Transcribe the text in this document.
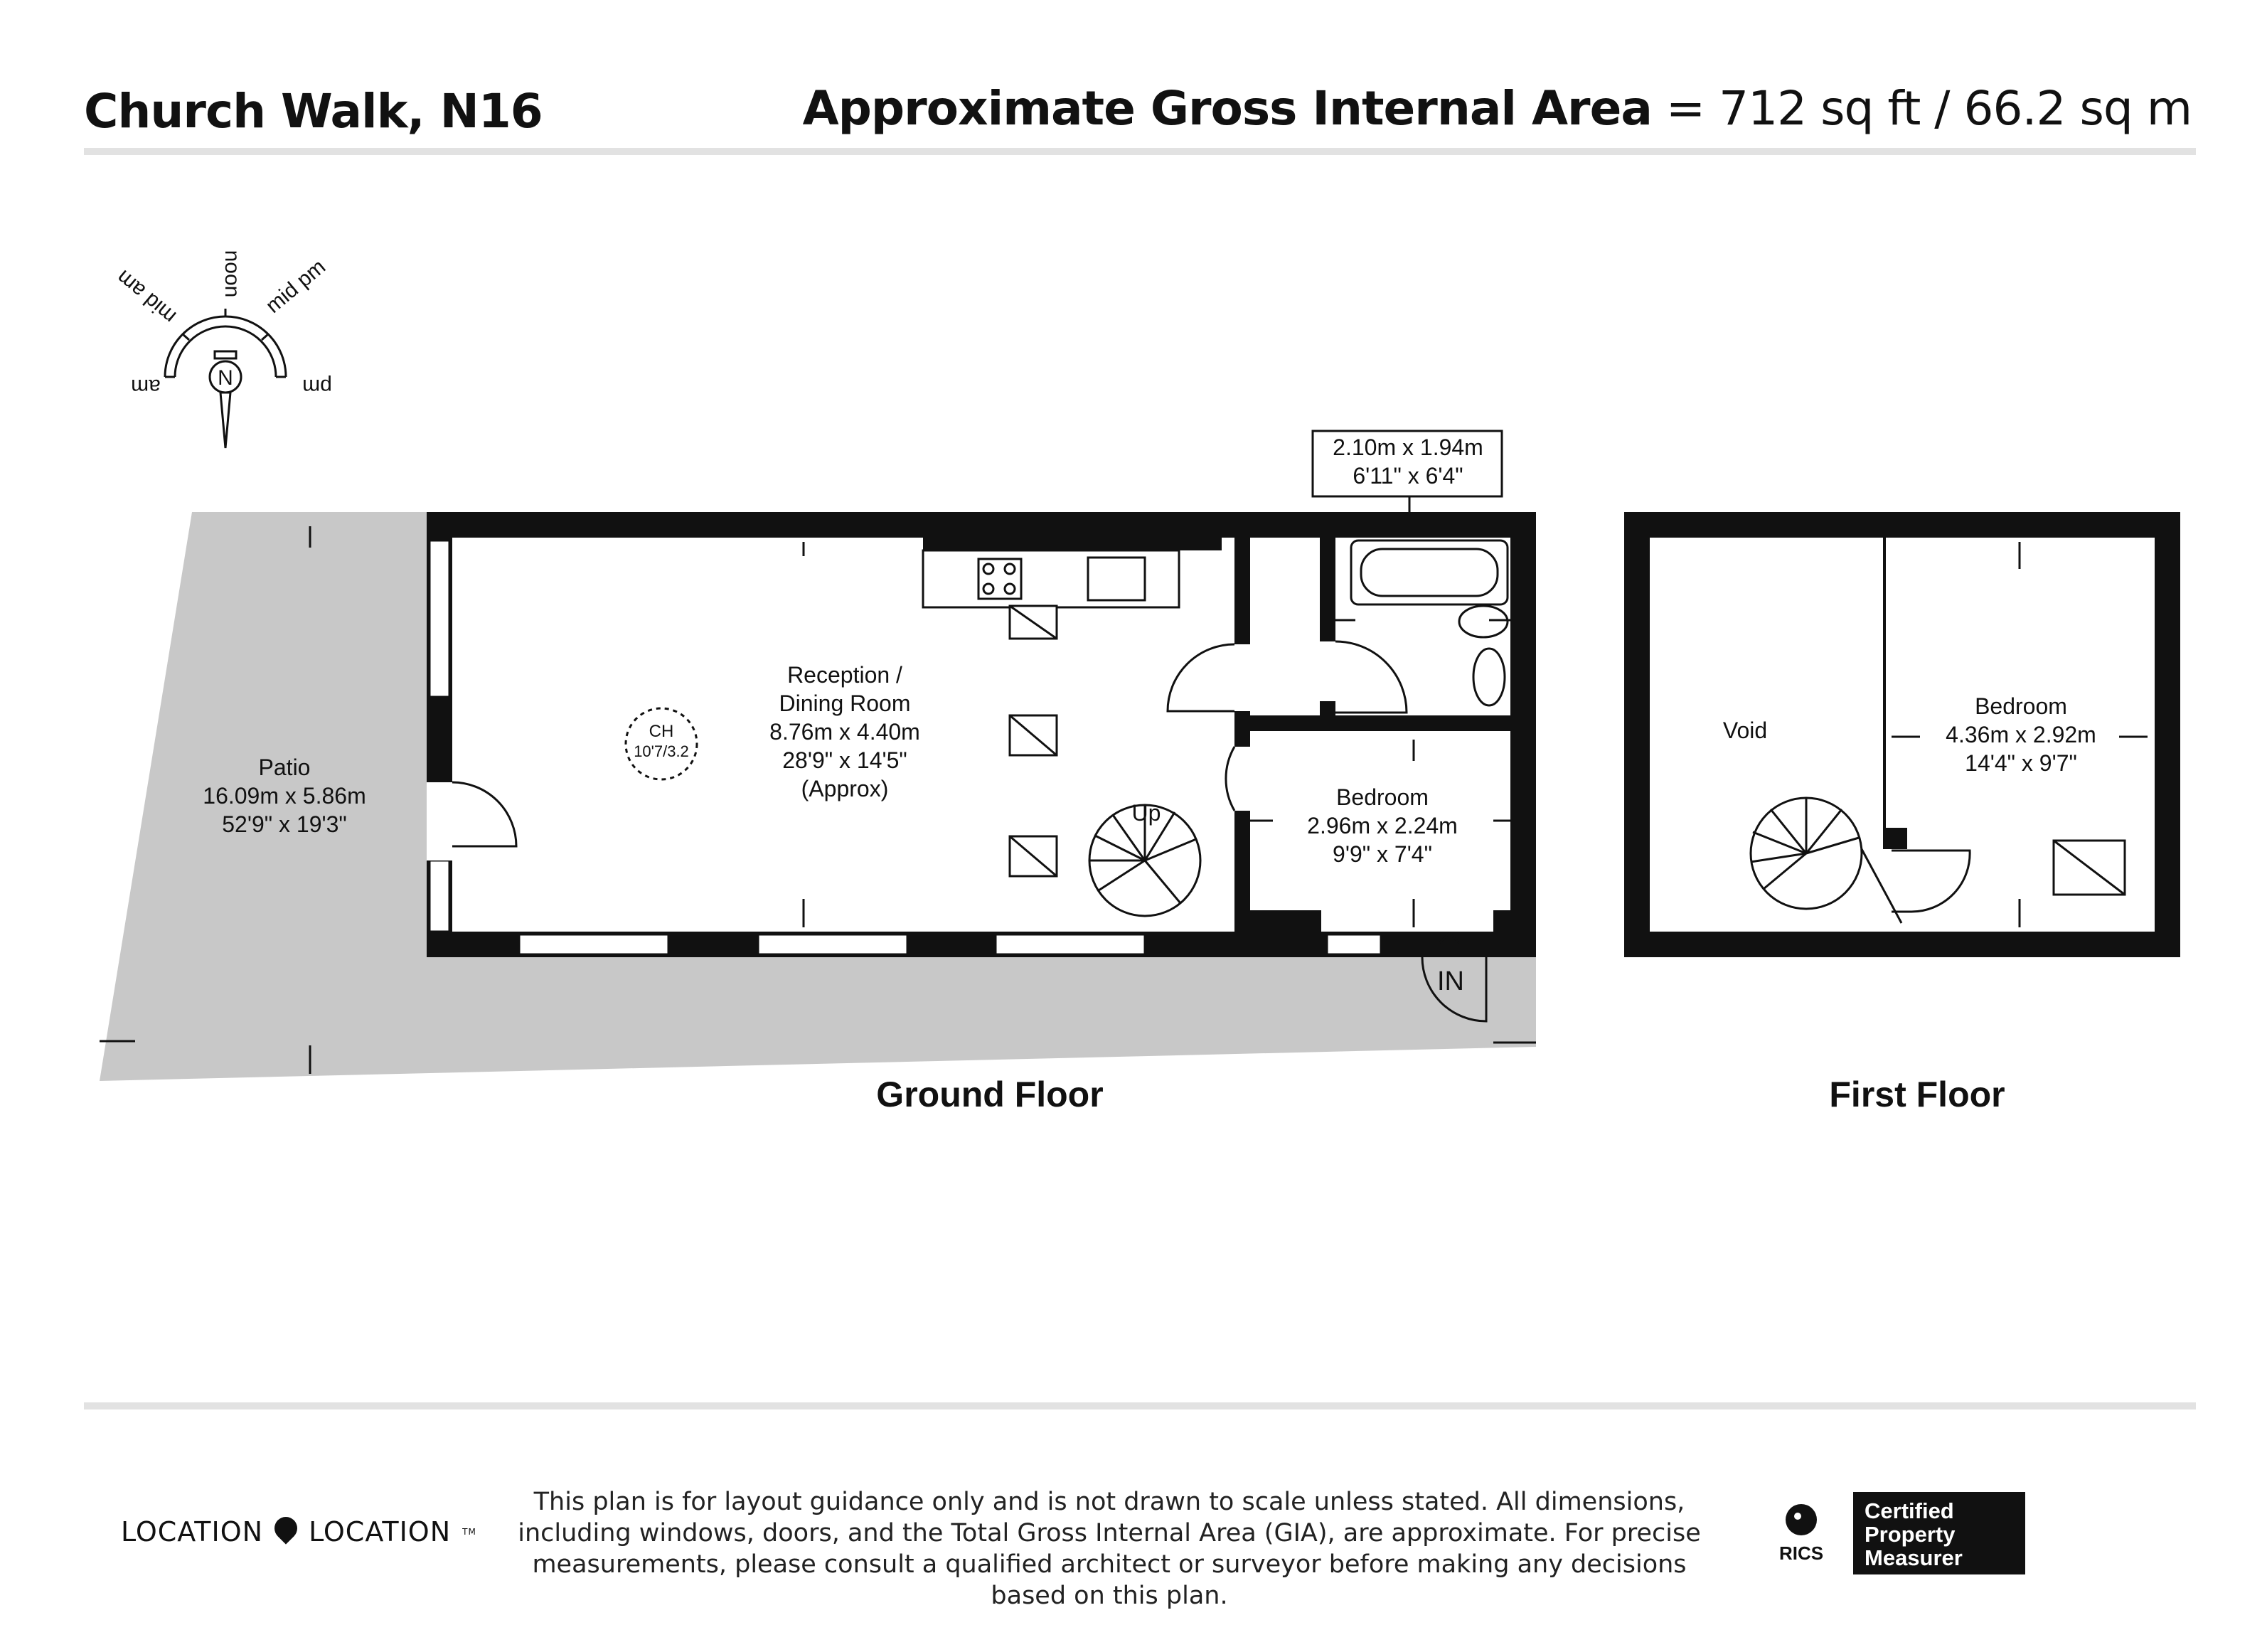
Church Walk, N16	Approximate Gross Internal Area = 712 sq ft / 66.2 sq m
N
am
mid am noon mid pm
pm
Patio
16.09m x 5.86m
52'9" x 19'3"
Reception /
Dining Room
8.76m x 4.40m
28'9" x 14'5"
(Approx)
CH
10'7/3.2
Up
2.10m x 1.94m
6'11" x 6'4"
Bedroom
2.96m x 2.24m
9'9" x 7'4"
IN
Void
Bedroom
4.36m x 2.92m
14'4" x 9'7"
Ground Floor	First Floor
LOCATION LOCATION TM
This plan is for layout guidance only and is not drawn to scale unless stated. All dimensions, including windows, doors, and the Total Gross Internal Area (GIA), are approximate. For precise measurements, please consult a qualified architect or surveyor before making any decisions based on this plan.
RICS
Certified
Property
Measurer
